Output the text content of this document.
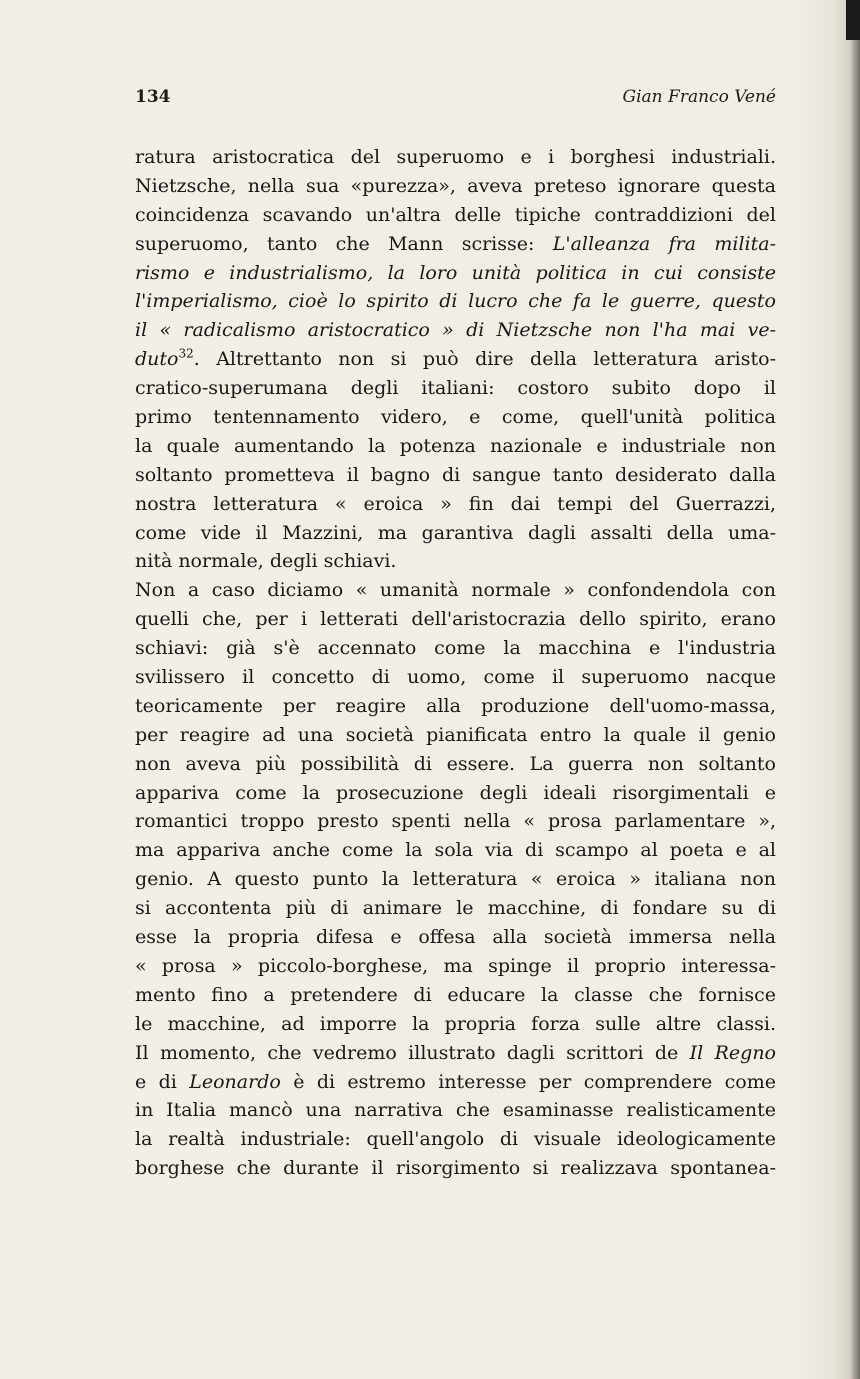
134	Gian Franco Vené
ratura aristocratica del superuomo e i borghesi industriali.
Nietzsche, nella sua «purezza», aveva preteso ignorare questa
coincidenza scavando un'altra delle tipiche contraddizioni del
superuomo, tanto che Mann scrisse: L'alleanza fra milita-
rismo e industrialismo, la loro unità politica in cui consiste
l'imperialismo, cioè lo spirito di lucro che fa le guerre, questo
il « radicalismo aristocratico » di Nietzsche non l'ha mai ve-
duto$^{32}$. Altrettanto non si può dire della letteratura aristo-
cratico-superumana degli italiani: costoro subito dopo il
primo tentennamento videro, e come, quell'unità politica
la quale aumentando la potenza nazionale e industriale non
soltanto prometteva il bagno di sangue tanto desiderato dalla
nostra letteratura « eroica » fin dai tempi del Guerrazzi,
come vide il Mazzini, ma garantiva dagli assalti della uma-
nità normale, degli schiavi.
Non a caso diciamo « umanità normale » confondendola con
quelli che, per i letterati dell'aristocrazia dello spirito, erano
schiavi: già s'è accennato come la macchina e l'industria
svilissero il concetto di uomo, come il superuomo nacque
teoricamente per reagire alla produzione dell'uomo-massa,
per reagire ad una società pianificata entro la quale il genio
non aveva più possibilità di essere. La guerra non soltanto
appariva come la prosecuzione degli ideali risorgimentali e
romantici troppo presto spenti nella « prosa parlamentare »,
ma appariva anche come la sola via di scampo al poeta e al
genio. A questo punto la letteratura « eroica » italiana non
si accontenta più di animare le macchine, di fondare su di
esse la propria difesa e offesa alla società immersa nella
« prosa » piccolo-borghese, ma spinge il proprio interessa-
mento fino a pretendere di educare la classe che fornisce
le macchine, ad imporre la propria forza sulle altre classi.
Il momento, che vedremo illustrato dagli scrittori de Il Regno
e di Leonardo è di estremo interesse per comprendere come
in Italia mancò una narrativa che esaminasse realisticamente
la realtà industriale: quell'angolo di visuale ideologicamente
borghese che durante il risorgimento si realizzava spontanea-
